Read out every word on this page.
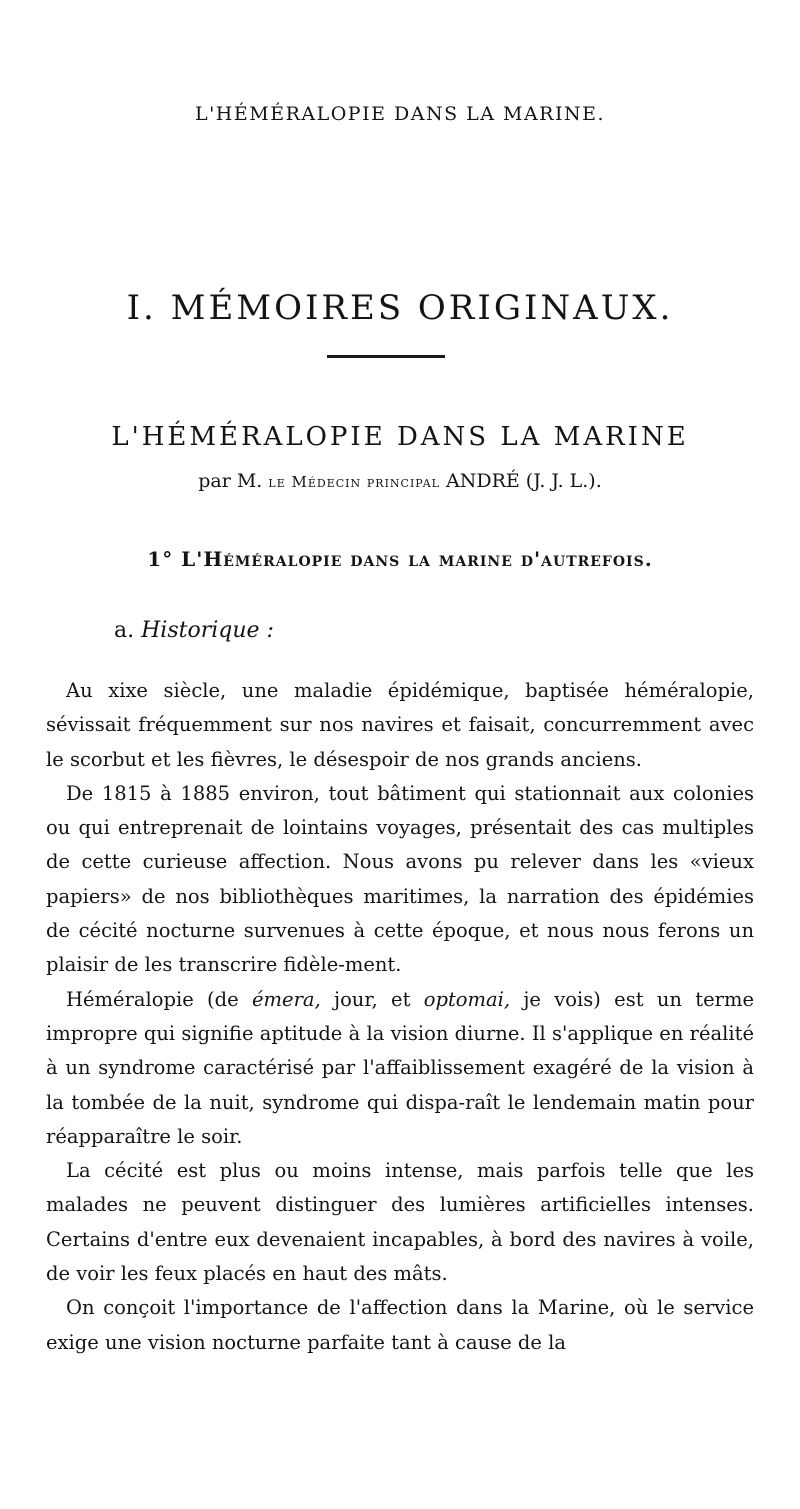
L'HÉMÉRALOPIE DANS LA MARINE.
I. MÉMOIRES ORIGINAUX.
L'HÉMÉRALOPIE DANS LA MARINE
par M. le Médecin principal ANDRÉ (J. J. L.).
1° L'Héméralopie dans la marine d'autrefois.
a. Historique :

Au xixe siècle, une maladie épidémique, baptisée héméralopie, sévissait fréquemment sur nos navires et faisait, concurremment avec le scorbut et les fièvres, le désespoir de nos grands anciens.

De 1815 à 1885 environ, tout bâtiment qui stationnait aux colonies ou qui entreprenait de lointains voyages, présentait des cas multiples de cette curieuse affection. Nous avons pu relever dans les «vieux papiers» de nos bibliothèques maritimes, la narration des épidémies de cécité nocturne survenues à cette époque, et nous nous ferons un plaisir de les transcrire fidèle-ment.

Héméralopie (de émera, jour, et optomai, je vois) est un terme impropre qui signifie aptitude à la vision diurne. Il s'applique en réalité à un syndrome caractérisé par l'affaiblissement exagéré de la vision à la tombée de la nuit, syndrome qui dispa-raît le lendemain matin pour réapparaître le soir.

La cécité est plus ou moins intense, mais parfois telle que les malades ne peuvent distinguer des lumières artificielles intenses. Certains d'entre eux devenaient incapables, à bord des navires à voile, de voir les feux placés en haut des mâts.

On conçoit l'importance de l'affection dans la Marine, où le service exige une vision nocturne parfaite tant à cause de la
